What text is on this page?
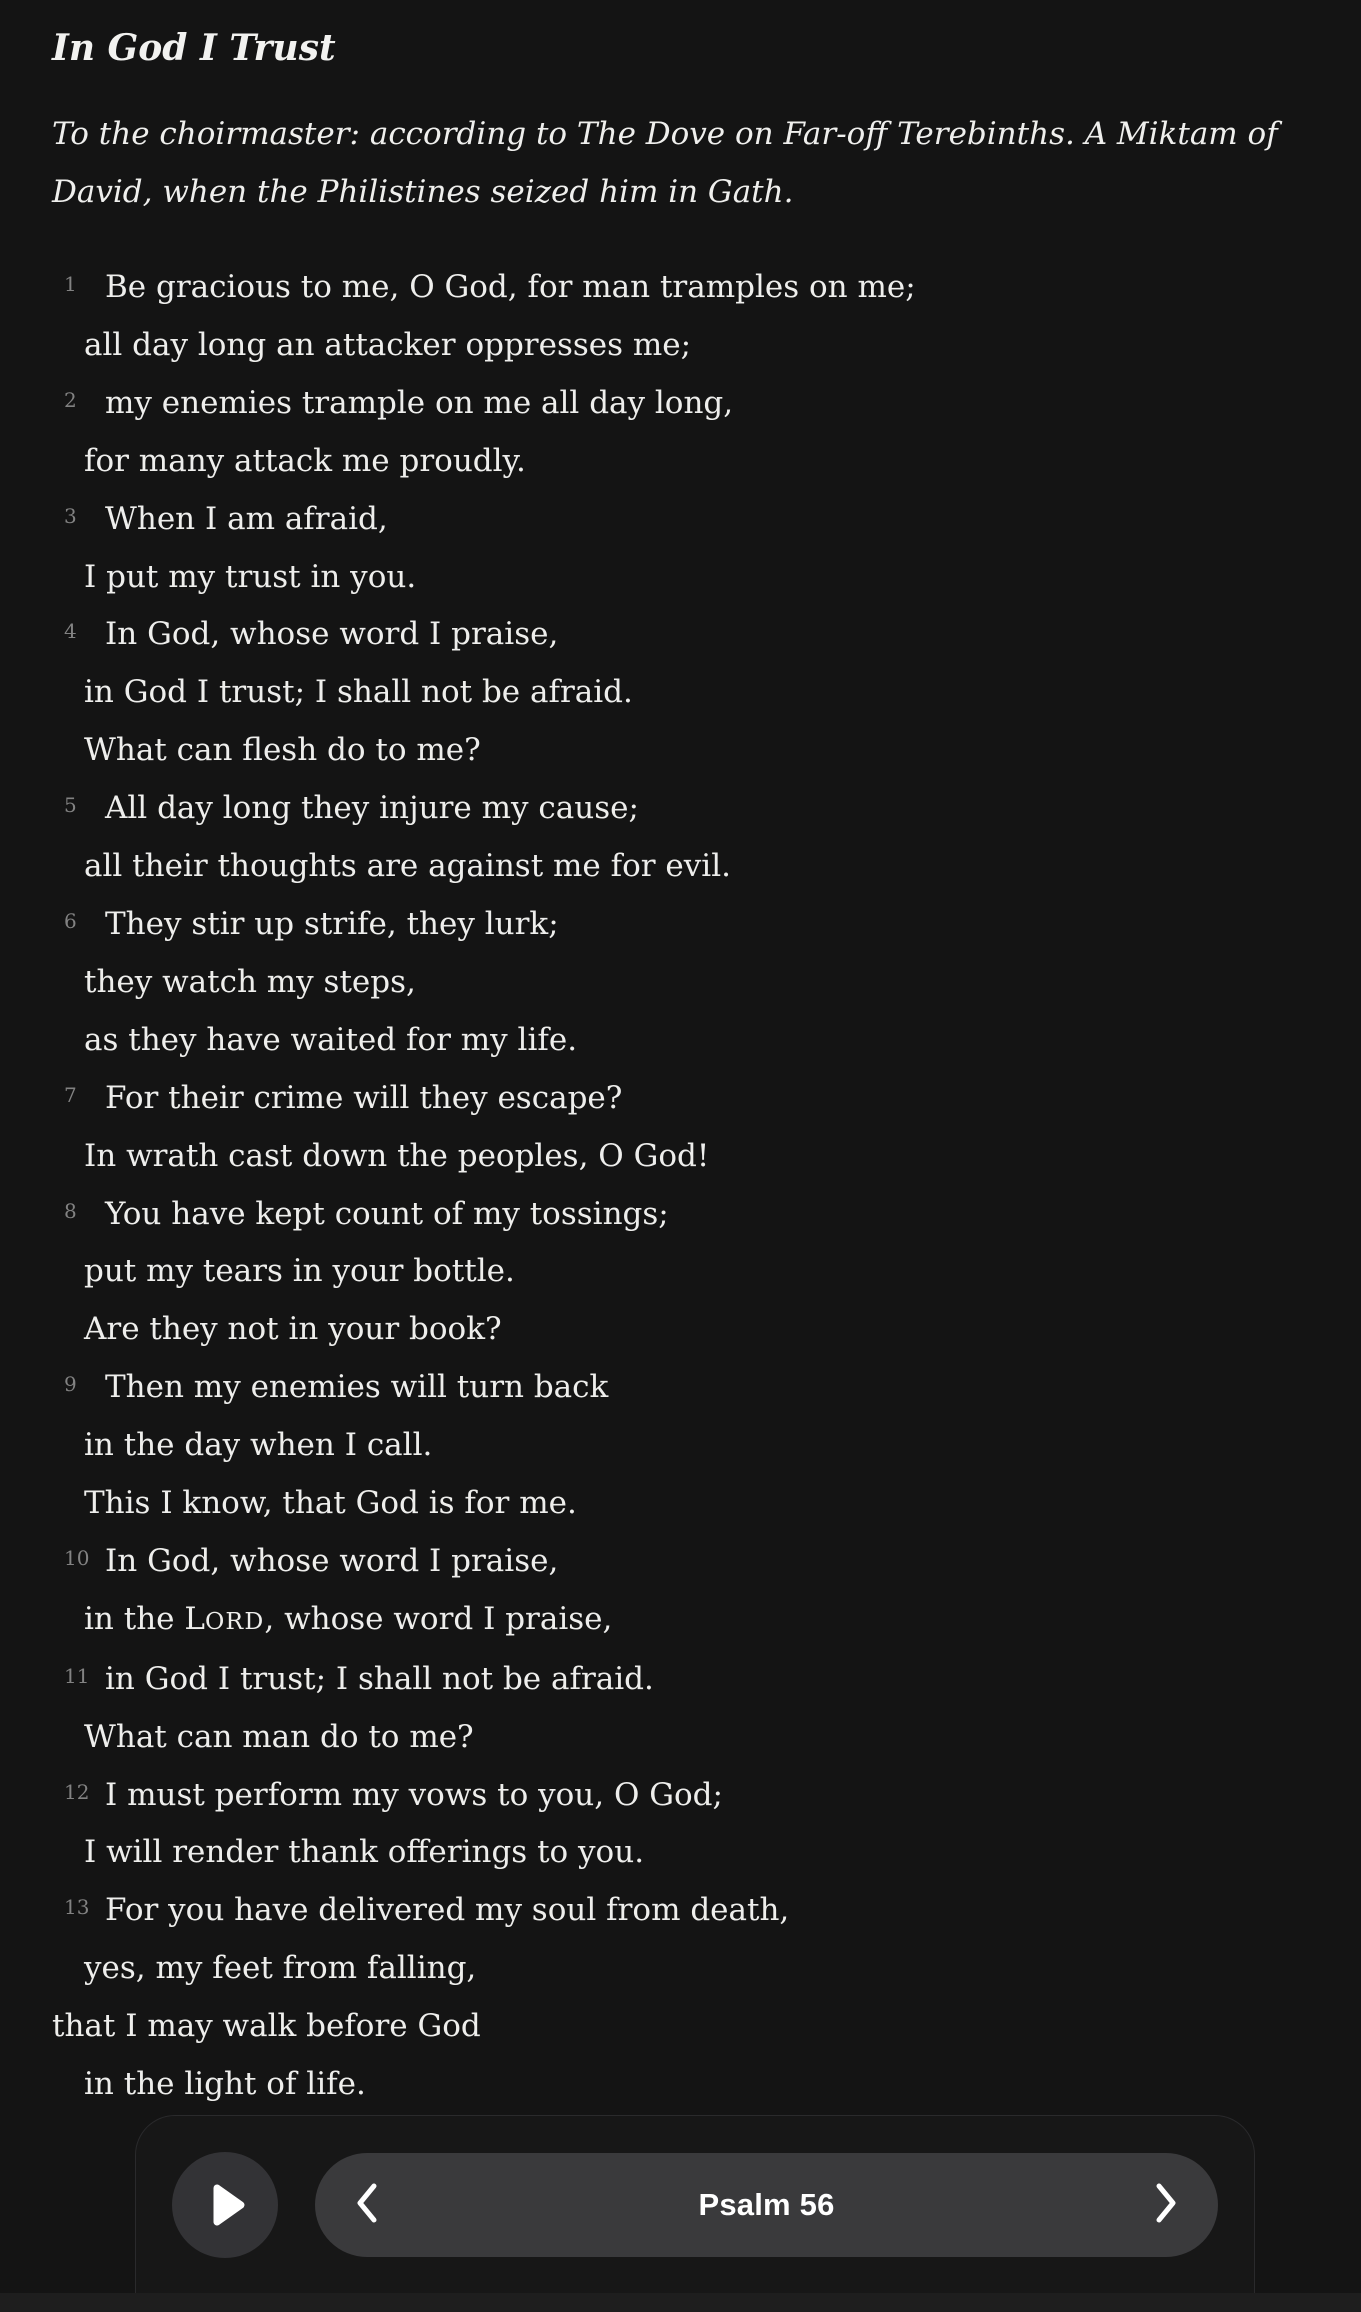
In God I Trust

To the choirmaster: according to The Dove on Far-off Terebinths. A Miktam of
David, when the Philistines seized him in Gath.

1 Be gracious to me, O God, for man tramples on me;
all day long an attacker oppresses me;
2 my enemies trample on me all day long,
for many attack me proudly.
3 When I am afraid,
I put my trust in you.
4 In God, whose word I praise,
in God I trust; I shall not be afraid.
What can flesh do to me?
5 All day long they injure my cause;
all their thoughts are against me for evil.
6 They stir up strife, they lurk;
they watch my steps,
as they have waited for my life.
7 For their crime will they escape?
In wrath cast down the peoples, O God!
8 You have kept count of my tossings;
put my tears in your bottle.
Are they not in your book?
9 Then my enemies will turn back
in the day when I call.
This I know, that God is for me.
10 In God, whose word I praise,
in the LORD, whose word I praise,
11 in God I trust; I shall not be afraid.
What can man do to me?
12 I must perform my vows to you, O God;
I will render thank offerings to you.
13 For you have delivered my soul from death,
yes, my feet from falling,
that I may walk before God
in the light of life.
Psalm 56
